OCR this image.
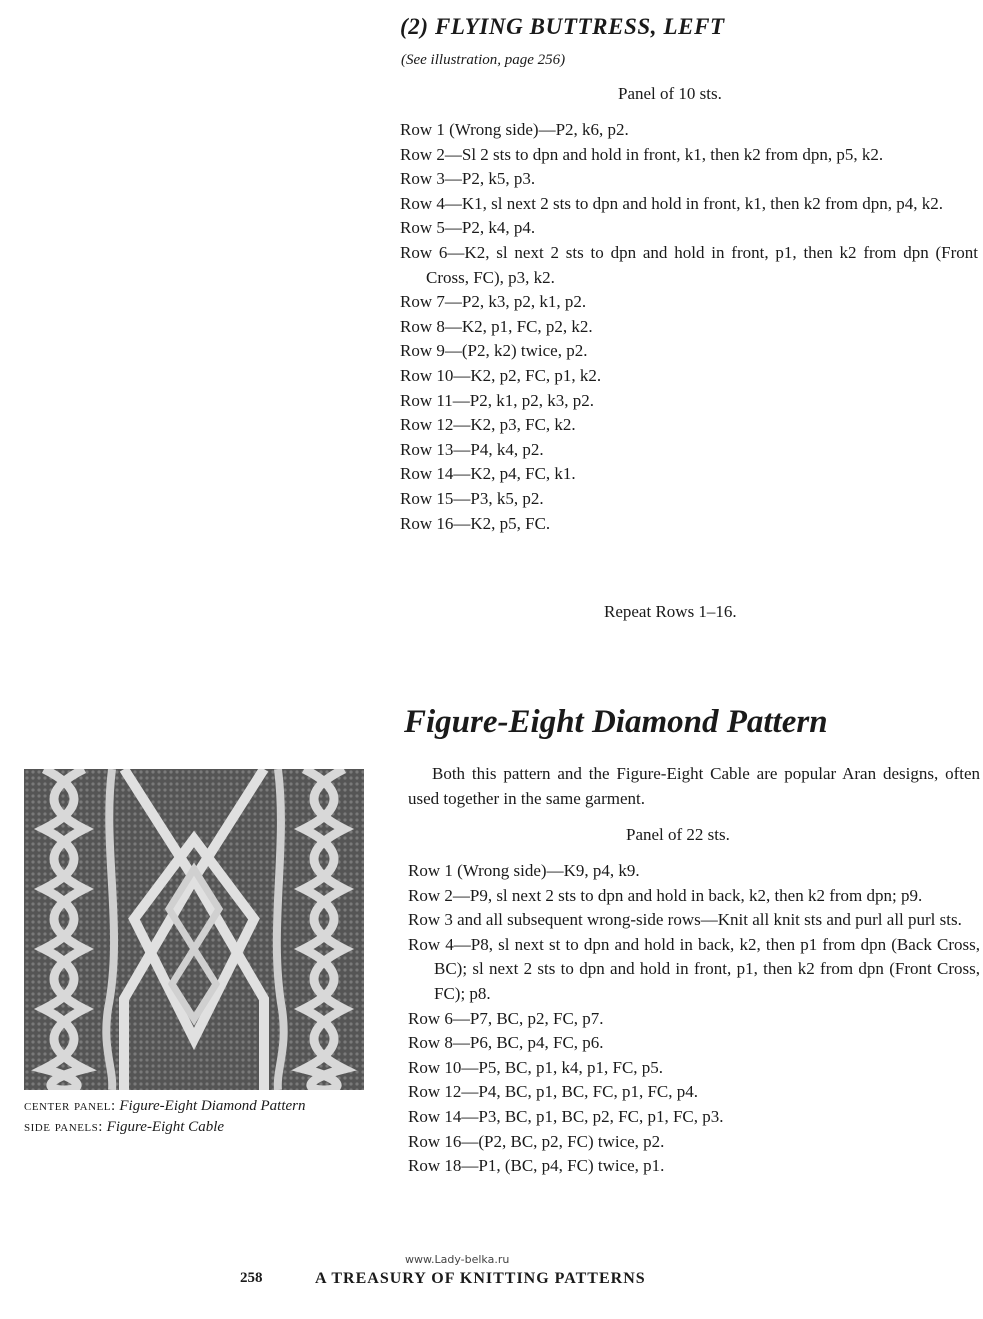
(2) FLYING BUTTRESS, LEFT
(See illustration, page 256)
Panel of 10 sts.
Row 1 (Wrong side)—P2, k6, p2.
Row 2—Sl 2 sts to dpn and hold in front, k1, then k2 from dpn, p5, k2.
Row 3—P2, k5, p3.
Row 4—K1, sl next 2 sts to dpn and hold in front, k1, then k2 from dpn, p4, k2.
Row 5—P2, k4, p4.
Row 6—K2, sl next 2 sts to dpn and hold in front, p1, then k2 from dpn (Front Cross, FC), p3, k2.
Row 7—P2, k3, p2, k1, p2.
Row 8—K2, p1, FC, p2, k2.
Row 9—(P2, k2) twice, p2.
Row 10—K2, p2, FC, p1, k2.
Row 11—P2, k1, p2, k3, p2.
Row 12—K2, p3, FC, k2.
Row 13—P4, k4, p2.
Row 14—K2, p4, FC, k1.
Row 15—P3, k5, p2.
Row 16—K2, p5, FC.
Repeat Rows 1–16.
Figure-Eight Diamond Pattern
Both this pattern and the Figure-Eight Cable are popular Aran designs, often used together in the same garment.
Panel of 22 sts.
Row 1 (Wrong side)—K9, p4, k9.
Row 2—P9, sl next 2 sts to dpn and hold in back, k2, then k2 from dpn; p9.
Row 3 and all subsequent wrong-side rows—Knit all knit sts and purl all purl sts.
Row 4—P8, sl next st to dpn and hold in back, k2, then p1 from dpn (Back Cross, BC); sl next 2 sts to dpn and hold in front, p1, then k2 from dpn (Front Cross, FC); p8.
Row 6—P7, BC, p2, FC, p7.
Row 8—P6, BC, p4, FC, p6.
Row 10—P5, BC, p1, k4, p1, FC, p5.
Row 12—P4, BC, p1, BC, FC, p1, FC, p4.
Row 14—P3, BC, p1, BC, p2, FC, p1, FC, p3.
Row 16—(P2, BC, p2, FC) twice, p2.
Row 18—P1, (BC, p4, FC) twice, p1.
center panel: Figure-Eight Diamond Pattern
side panels: Figure-Eight Cable
www.Lady-belka.ru
258	A TREASURY OF KNITTING PATTERNS
